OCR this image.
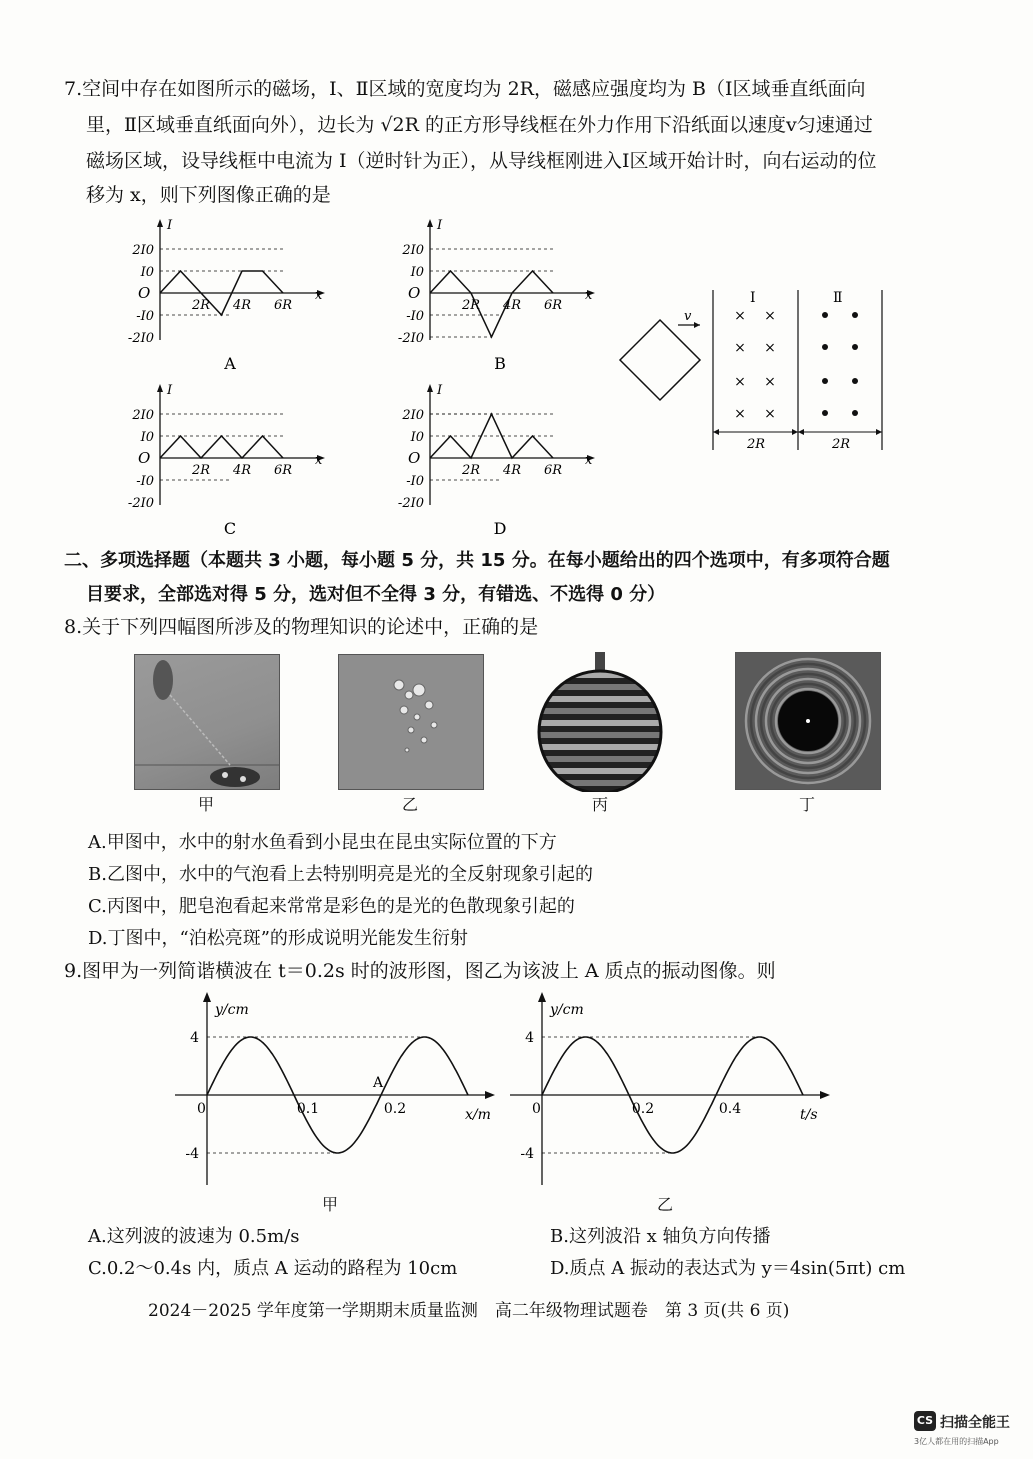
7.空间中存在如图所示的磁场，Ⅰ、Ⅱ区域的宽度均为 2R，磁感应强度均为 B（Ⅰ区域垂直纸面向
里，Ⅱ区域垂直纸面向外），边长为 √2R 的正方形导线框在外力作用下沿纸面以速度v匀速通过
磁场区域，设导线框中电流为 I（逆时针为正），从导线框刚进入Ⅰ区域开始计时，向右运动的位
移为 x，则下列图像正确的是
I
x
O
2I0
I0
-I0
-2I0
2R 4R 6R
A
I
x
O
2I0
I0
-I0
-2I0
2R 4R 6R
B
I
x
O
2I0
I0
-I0
-2I0
2R 4R 6R
C
I
x
O
2I0
I0
-I0
-2I0
2R 4R 6R
D
v
Ⅰ	Ⅱ
× ×
× ×
× ×
× ×
2R	2R
二、多项选择题（本题共 3 小题，每小题 5 分，共 15 分。在每小题给出的四个选项中，有多项符合题
目要求，全部选对得 5 分，选对但不全得 3 分，有错选、不选得 0 分）
8.关于下列四幅图所涉及的物理知识的论述中，正确的是
甲	乙	丙	丁
A.甲图中，水中的射水鱼看到小昆虫在昆虫实际位置的下方
B.乙图中，水中的气泡看上去特别明亮是光的全反射现象引起的
C.丙图中，肥皂泡看起来常常是彩色的是光的色散现象引起的
D.丁图中，“泊松亮斑”的形成说明光能发生衍射
9.图甲为一列简谐横波在 t＝0.2s 时的波形图，图乙为该波上 A 质点的振动图像。则
y/cm
x/m
0
4
-4
0.1	0.2
A
y/cm
t/s
0
4
-4
0.2	0.4
甲	乙
A.这列波的波速为 0.5m/s	B.这列波沿 x 轴负方向传播
C.0.2～0.4s 内，质点 A 运动的路程为 10cm	D.质点 A 振动的表达式为 y＝4sin(5πt) cm
2024－2025 学年度第一学期期末质量监测　高二年级物理试题卷　第 3 页(共 6 页)
CS 扫描全能王
3亿人都在用的扫描App
